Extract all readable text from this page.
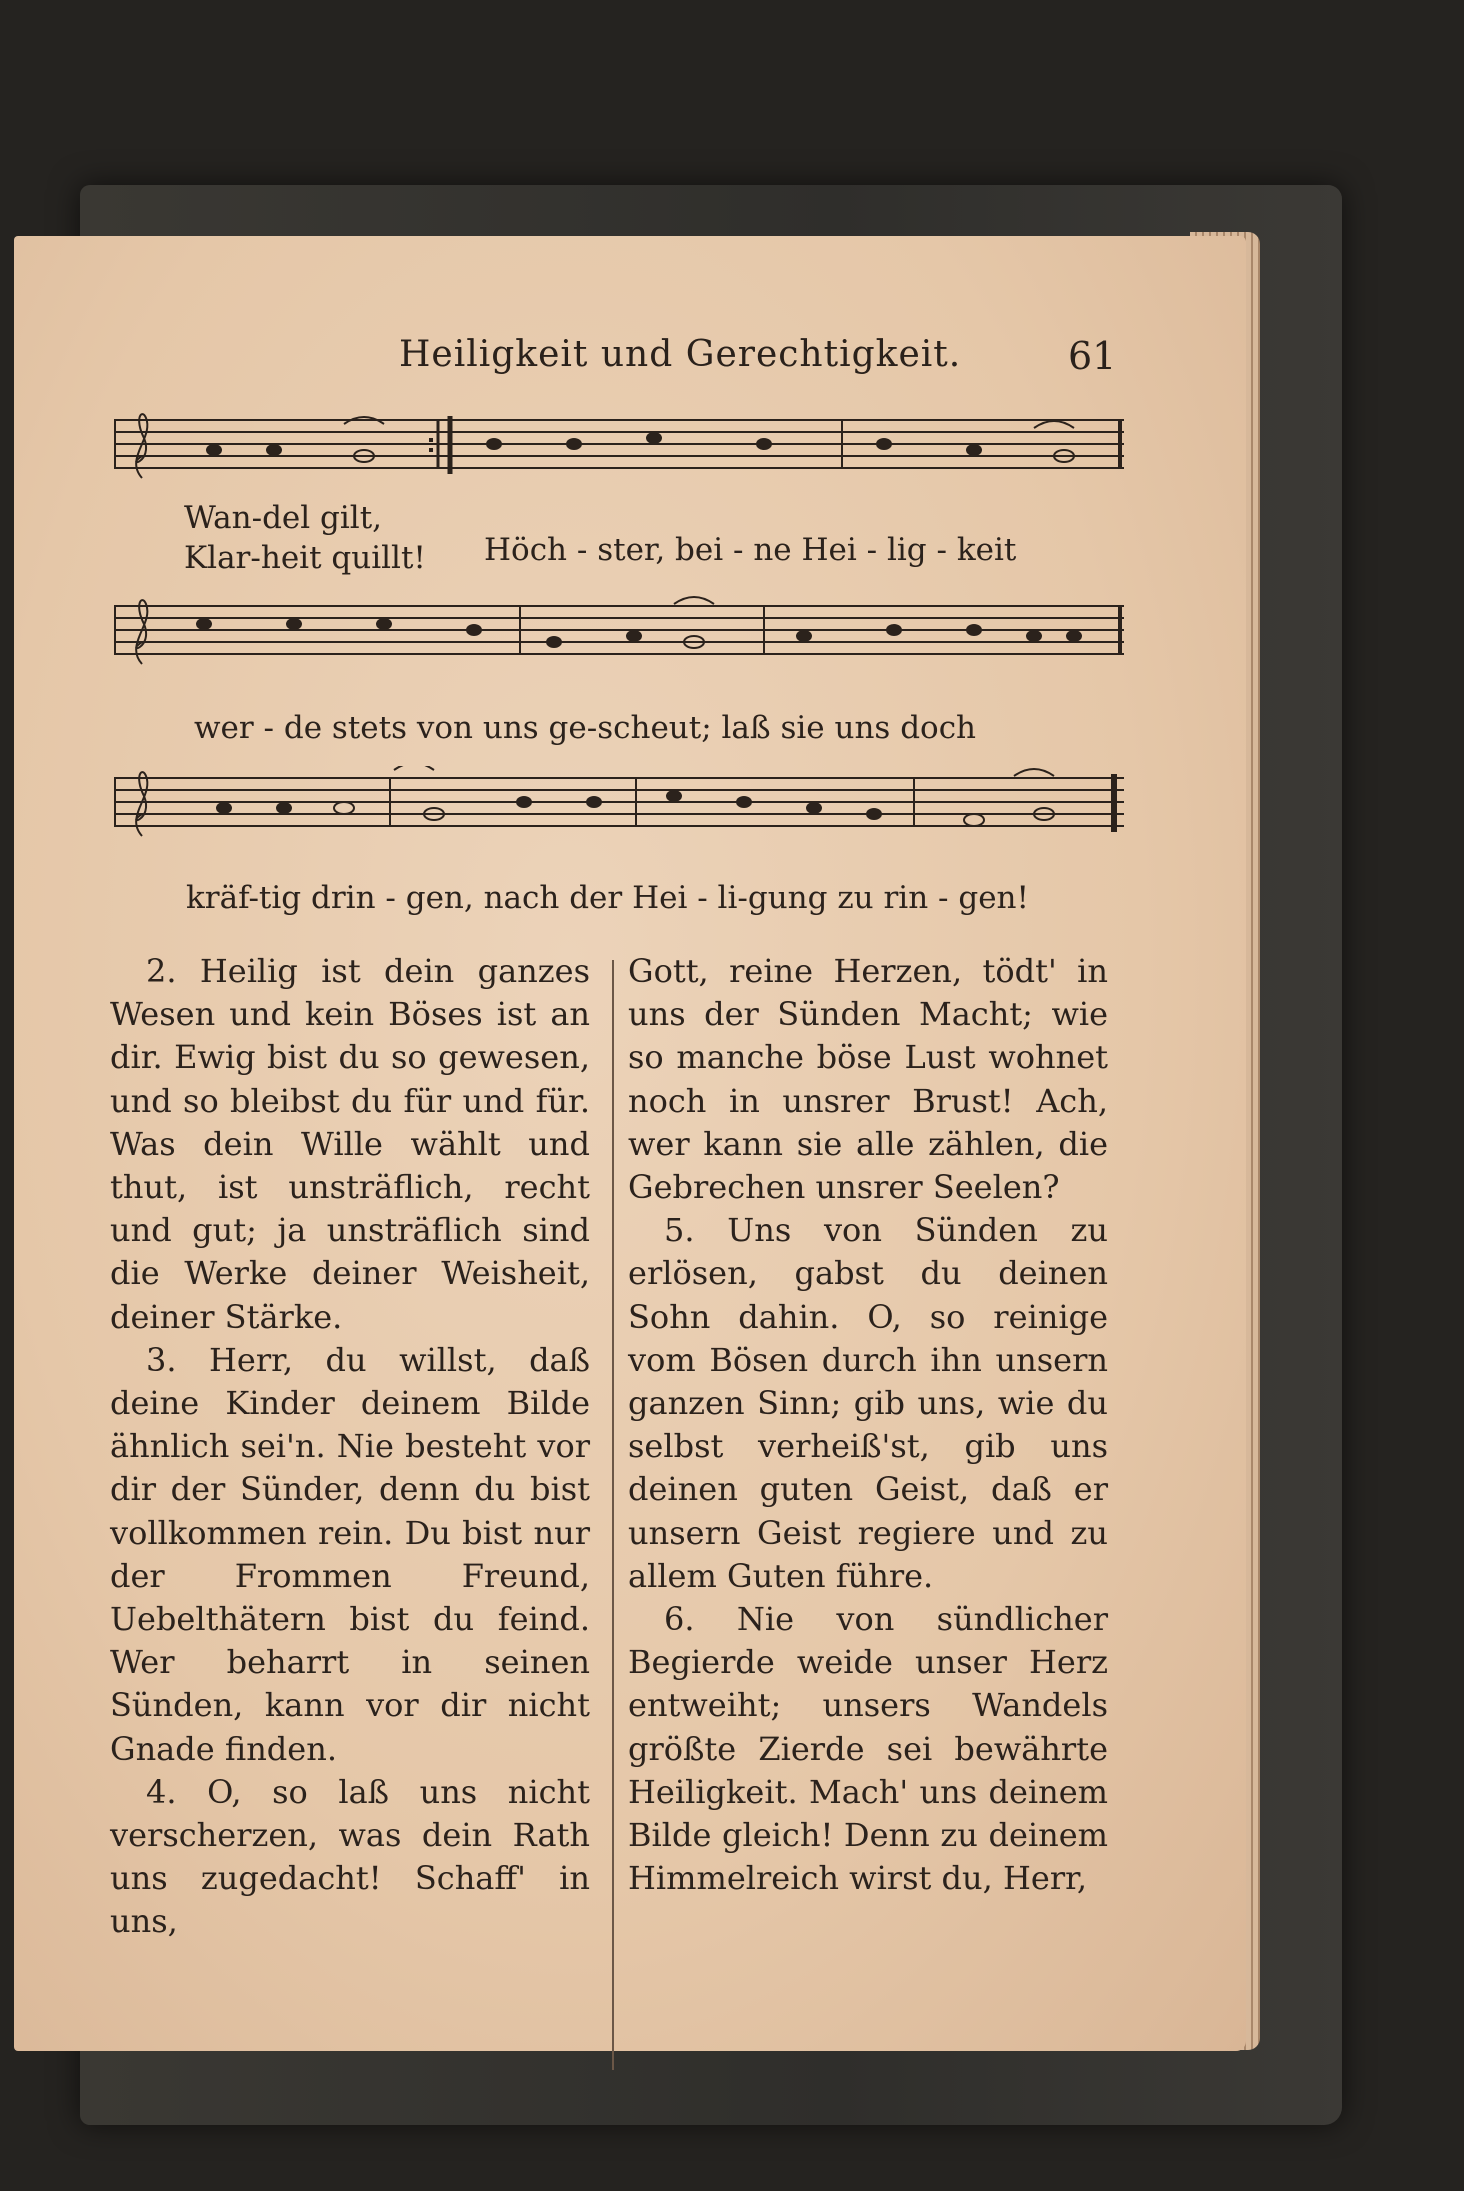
Heiligkeit und Gerechtigkeit.	61
Wan-del gilt,
Klar-heit quillt! Höch - ster, bei - ne Hei - lig - keit
wer - de stets von uns ge-scheut; laß sie uns doch
kräf-tig drin - gen, nach der Hei - li-gung zu rin - gen!

2. Heilig ist dein ganzes Wesen und kein Böses ist an dir. Ewig bist du so gewesen, und so bleibst du für und für. Was dein Wille wählt und thut, ist unsträflich, recht und gut; ja unsträflich sind die Werke deiner Weisheit, deiner Stärke.

3. Herr, du willst, daß deine Kinder deinem Bilde ähnlich sei'n. Nie besteht vor dir der Sünder, denn du bist vollkommen rein. Du bist nur der Frommen Freund, Uebelthätern bist du feind. Wer beharrt in seinen Sünden, kann vor dir nicht Gnade finden.

4. O, so laß uns nicht verscherzen, was dein Rath uns zugedacht! Schaff' in uns,

Gott, reine Herzen, tödt' in uns der Sünden Macht; wie so manche böse Lust wohnet noch in unsrer Brust! Ach, wer kann sie alle zählen, die Gebrechen unsrer Seelen?

5. Uns von Sünden zu erlösen, gabst du deinen Sohn dahin. O, so reinige vom Bösen durch ihn unsern ganzen Sinn; gib uns, wie du selbst verheiß'st, gib uns deinen guten Geist, daß er unsern Geist regiere und zu allem Guten führe.

6. Nie von sündlicher Begierde weide unser Herz entweiht; unsers Wandels größte Zierde sei bewährte Heiligkeit. Mach' uns deinem Bilde gleich! Denn zu deinem Himmelreich wirst du, Herr,
